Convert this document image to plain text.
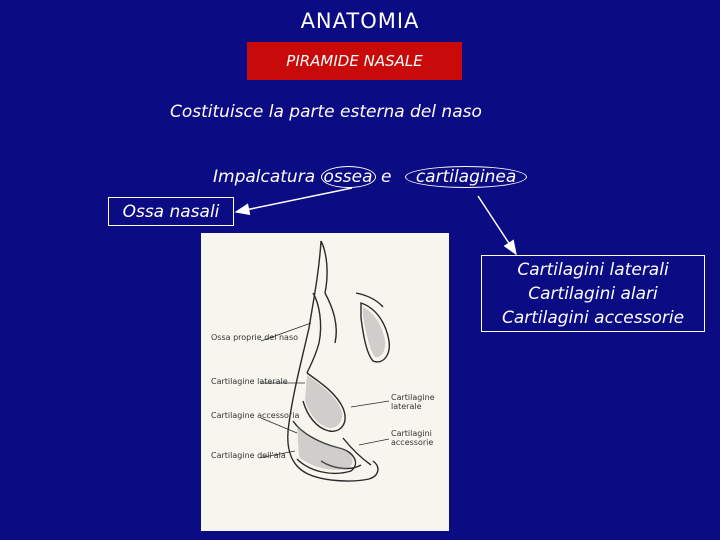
ANATOMIA
PIRAMIDE NASALE
Costituisce la parte esterna del naso
Impalcatura ossea e cartilaginea
Ossa nasali
Cartilagini laterali
Cartilagini alari
Cartilagini accessorie
Ossa proprie del naso
Cartilagine laterale
Cartilagine accessoria
Cartilagine dell'ala
Cartilagine laterale
Cartilagini accessorie
